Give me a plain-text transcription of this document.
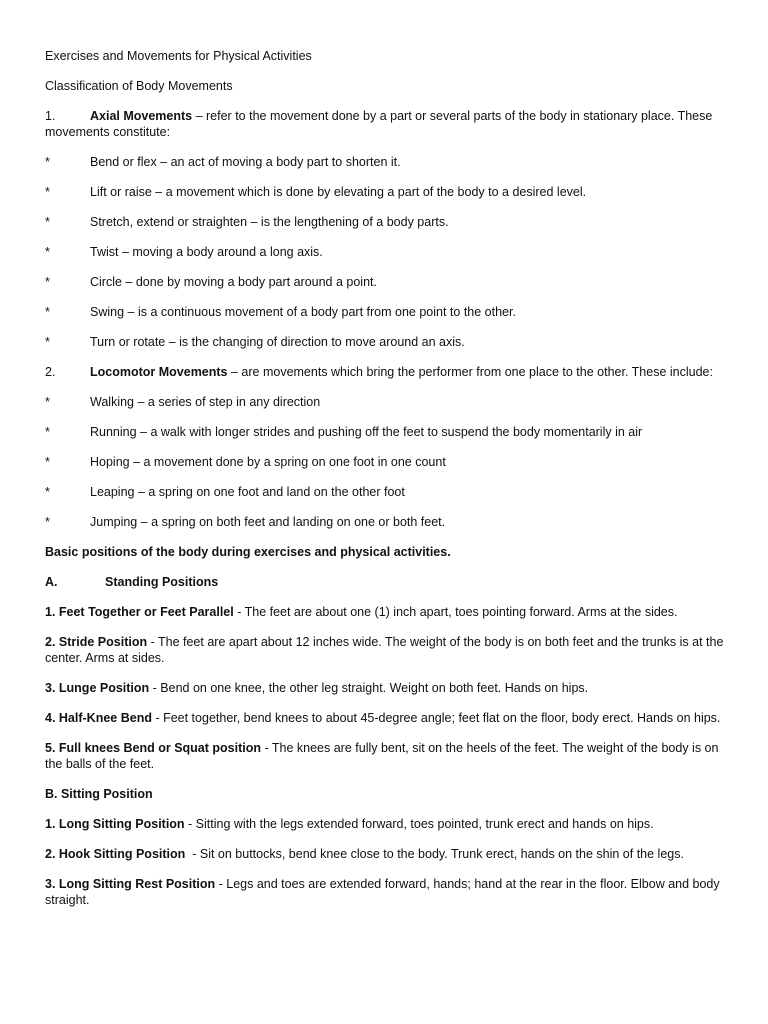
Exercises and Movements for Physical Activities

Classification of Body Movements

1.	Axial Movements – refer to the movement done by a part or several parts of the body in stationary place. These movements constitute:

*	Bend or flex – an act of moving a body part to shorten it.
*	Lift or raise – a movement which is done by elevating a part of the body to a desired level.
*	Stretch, extend or straighten – is the lengthening of a body parts.
*	Twist – moving a body around a long axis.
*	Circle – done by moving a body part around a point.
*	Swing – is a continuous movement of a body part from one point to the other.
*	Turn or rotate – is the changing of direction to move around an axis.

2.	Locomotor Movements – are movements which bring the performer from one place to the other. These include:

*	Walking – a series of step in any direction
*	Running – a walk with longer strides and pushing off the feet to suspend the body momentarily in air
*	Hoping – a movement done by a spring on one foot in one count
*	Leaping – a spring on one foot and land on the other foot
*	Jumping – a spring on both feet and landing on one or both feet.

Basic positions of the body during exercises and physical activities.

A.	Standing Positions

1. Feet Together or Feet Parallel - The feet are about one (1) inch apart, toes pointing forward. Arms at the sides.

2. Stride Position - The feet are apart about 12 inches wide. The weight of the body is on both feet and the trunks is at the center. Arms at sides.

3. Lunge Position - Bend on one knee, the other leg straight. Weight on both feet. Hands on hips.

4. Half-Knee Bend - Feet together, bend knees to about 45-degree angle; feet flat on the floor, body erect. Hands on hips.

5. Full knees Bend or Squat position - The knees are fully bent, sit on the heels of the feet. The weight of the body is on the balls of the feet.

B. Sitting Position

1. Long Sitting Position - Sitting with the legs extended forward, toes pointed, trunk erect and hands on hips.

2. Hook Sitting Position  - Sit on buttocks, bend knee close to the body. Trunk erect, hands on the shin of the legs.

3. Long Sitting Rest Position - Legs and toes are extended forward, hands; hand at the rear in the floor. Elbow and body straight.
